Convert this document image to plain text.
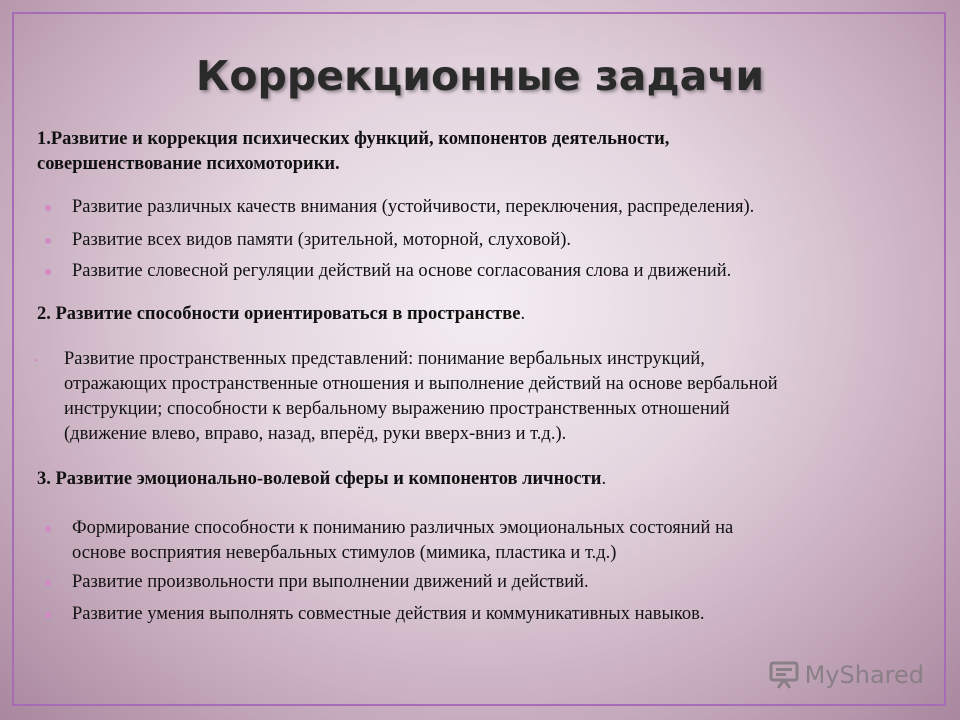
Коррекционные задачи
1.Развитие и коррекция психических функций, компонентов деятельности,
совершенствование психомоторики.
● Развитие различных качеств внимания (устойчивости, переключения, распределения).
● Развитие всех видов памяти (зрительной, моторной, слуховой).
● Развитие словесной регуляции действий на основе согласования слова и движений.
2. Развитие способности ориентироваться в пространстве.
• Развитие пространственных представлений: понимание вербальных инструкций,
отражающих пространственные отношения и выполнение действий на основе вербальной
инструкции; способности к вербальному выражению пространственных отношений
(движение влево, вправо, назад, вперёд, руки вверх-вниз и т.д.).
3. Развитие эмоционально-волевой сферы и компонентов личности.
● Формирование способности к пониманию различных эмоциональных состояний на
основе восприятия невербальных стимулов (мимика, пластика и т.д.)
● Развитие произвольности при выполнении движений и действий.
● Развитие умения выполнять совместные действия и коммуникативных навыков.
MyShared
